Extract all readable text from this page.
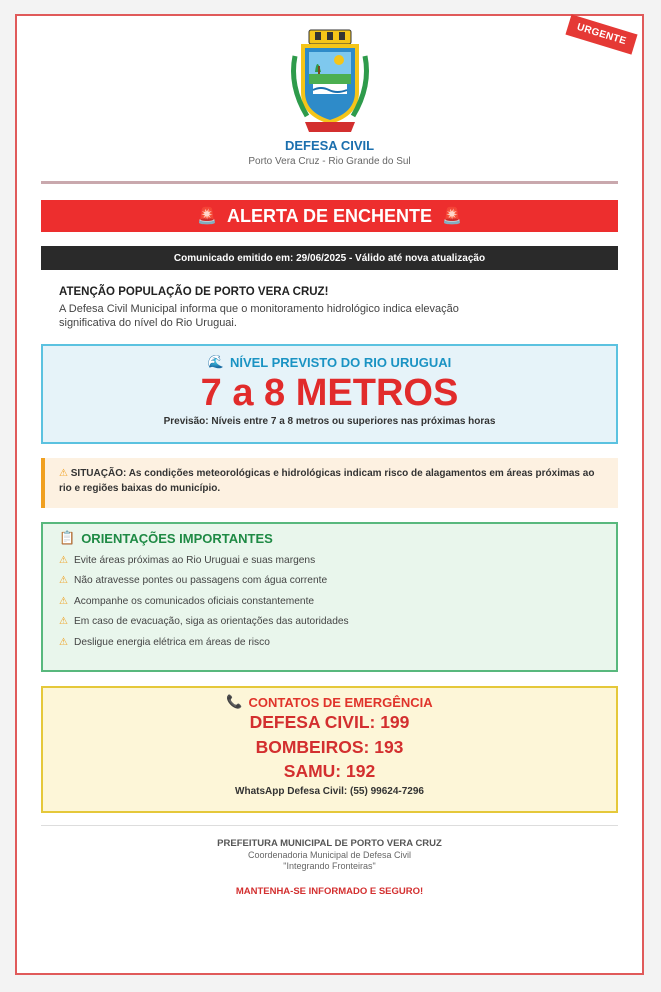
URGENTE
DEFESA CIVIL
Porto Vera Cruz - Rio Grande do Sul
🚨 ALERTA DE ENCHENTE 🚨
Comunicado emitido em: 29/06/2025 - Válido até nova atualização
ATENÇÃO POPULAÇÃO DE PORTO VERA CRUZ!
A Defesa Civil Municipal informa que o monitoramento hidrológico indica elevação significativa do nível do Rio Uruguai.
🌊 NÍVEL PREVISTO DO RIO URUGUAI
7 a 8 METROS
Previsão: Níveis entre 7 a 8 metros ou superiores nas próximas horas
⚠ SITUAÇÃO: As condições meteorológicas e hidrológicas indicam risco de alagamentos em áreas próximas ao rio e regiões baixas do município.
📋 ORIENTAÇÕES IMPORTANTES
⚠ Evite áreas próximas ao Rio Uruguai e suas margens
⚠ Não atravesse pontes ou passagens com água corrente
⚠ Acompanhe os comunicados oficiais constantemente
⚠ Em caso de evacuação, siga as orientações das autoridades
⚠ Desligue energia elétrica em áreas de risco
📞 CONTATOS DE EMERGÊNCIA
DEFESA CIVIL: 199
BOMBEIROS: 193
SAMU: 192
WhatsApp Defesa Civil: (55) 99624-7296
PREFEITURA MUNICIPAL DE PORTO VERA CRUZ
Coordenadoria Municipal de Defesa Civil
"Integrando Fronteiras"
MANTENHA-SE INFORMADO E SEGURO!
